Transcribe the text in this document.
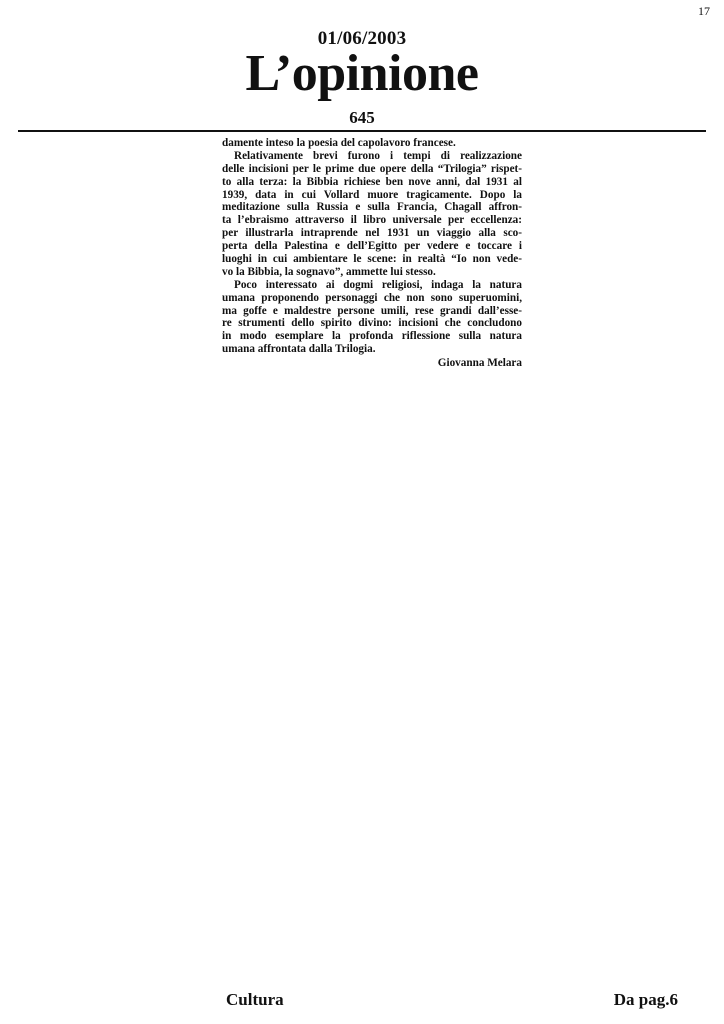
17
01/06/2003
L’opinione
645
damente inteso la poesia del capolavoro francese.
Relativamente brevi furono i tempi di realizzazione
delle incisioni per le prime due opere della “Trilogia” rispet-
to alla terza: la Bibbia richiese ben nove anni, dal 1931 al
1939, data in cui Vollard muore tragicamente. Dopo la
meditazione sulla Russia e sulla Francia, Chagall affron-
ta l’ebraismo attraverso il libro universale per eccellenza:
per illustrarla intraprende nel 1931 un viaggio alla sco-
perta della Palestina e dell’Egitto per vedere e toccare i
luoghi in cui ambientare le scene: in realtà “Io non vede-
vo la Bibbia, la sognavo”, ammette lui stesso.
Poco interessato ai dogmi religiosi, indaga la natura
umana proponendo personaggi che non sono superuomini,
ma goffe e maldestre persone umili, rese grandi dall’esse-
re strumenti dello spirito divino: incisioni che concludono
in modo esemplare la profonda riflessione sulla natura
umana affrontata dalla Trilogia.
Giovanna Melara
Cultura	Da pag.6
